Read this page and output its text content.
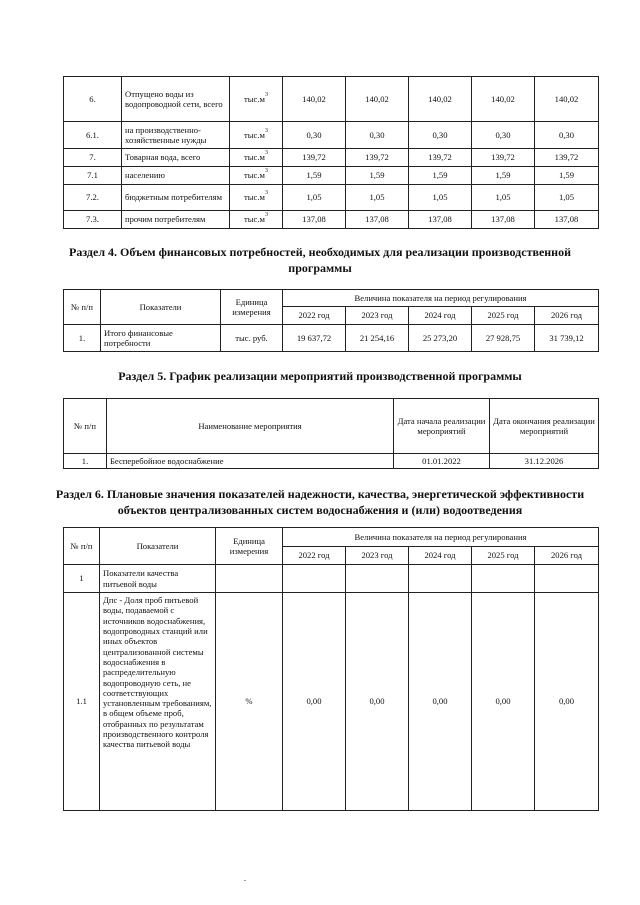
6.	Отпущено воды из водопроводной сети, всего	$тыс.м^3$	140,02	140,02	140,02	140,02	140,02
6.1.	на производственно-хозяйственные нужды	$тыс.м^3$	0,30	0,30	0,30	0,30	0,30
7.	Товарная вода, всего	$тыс.м^3$	139,72	139,72	139,72	139,72	139,72
7.1	населению	$тыс.м^3$	1,59	1,59	1,59	1,59	1,59
7.2.	бюджетным потребителям	$тыс.м^3$	1,05	1,05	1,05	1,05	1,05
7.3.	прочим потребителям	$тыс.м^3$	137,08	137,08	137,08	137,08	137,08
Раздел 4. Объем финансовых потребностей, необходимых для реализации производственной
программы
№ п/п	Показатели	Единица измерения	Величина показателя на период регулирования				
			2022 год	2023 год	2024 год	2025 год	2026 год
1.	Итого финансовые потребности	тыс. руб.	19 637,72	21 254,16	25 273,20	27 928,75	31 739,12
Раздел 5. График реализации мероприятий производственной программы
№ п/п	Наименование мероприятия	Дата начала реализации мероприятий	Дата окончания реализации мероприятий
1.	Бесперебойное водоснабжение	01.01.2022	31.12.2026
Раздел 6. Плановые значения показателей надежности, качества, энергетической эффективности
объектов централизованных систем водоснабжения и (или) водоотведения
№ п/п	Показатели	Единица измерения	Величина показателя на период регулирования				
			2022 год	2023 год	2024 год	2025 год	2026 год
1	Показатели качества питьевой воды						
1.1	Дпс - Доля проб питьевой воды, подаваемой с источников водоснабжения, водопроводных станций или иных объектов централизованной системы водоснабжения в распределительную водопроводную сеть, не соответствующих установленным требованиям, в общем объеме проб, отобранных по результатам производственного контроля качества питьевой воды	%	0,00	0,00	0,00	0,00	0,00
